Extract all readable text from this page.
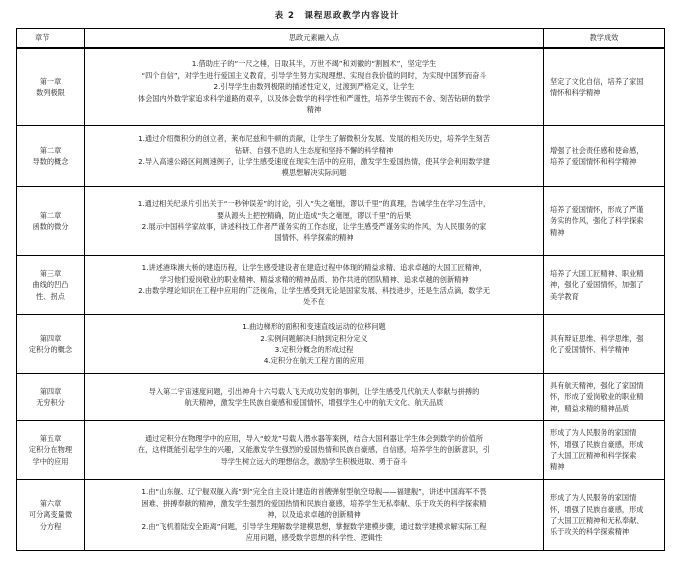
表 2　课程思政教学内容设计
章节	思政元素融入点	教学成效

第一章
数列极限	1.借助庄子的“一尺之棰，日取其半，万世不竭”和刘徽的“割圆术”，坚定学生
“四个自信”，对学生进行爱国主义教育，引导学生努力实现理想、实现自我价值的同时，为实现中国梦而奋斗
2.引导学生由数列极限的描述性定义，过渡到严格定义，让学生
体会国内外数学家追求科学道路的艰辛，以及体会数学的科学性和严谨性，培养学生锲而不舍、刻苦钻研的数学
精神	坚定了文化自信，培养了家国
情怀和科学精神

第二章
导数的概念	1.通过介绍微积分的创立者，莱布尼兹和牛顿的贡献，让学生了解微积分发展、发展的相关历史，培养学生刻苦
钻研、自强不息的人生态度和坚持不懈的科学精神
2.导入高速公路区间测速例子，让学生感受速度在现实生活中的应用，激发学生爱国热情，使其学会利用数学建
模思想解决实际问题	增强了社会责任感和使命感，
培养了爱国情怀和科学精神

第二章
函数的微分	1.通过相关纪录片引出关于“一秒钟误差”的讨论，引入“失之毫厘，谬以千里”的真理，告诫学生在学习生活中，
要从源头上把控精确，防止造成“失之毫厘，谬以千里”的后果
2.展示中国科学家故事，讲述科技工作者严谨务实的工作态度，让学生感受严谨务实的作风，为人民服务的家
国情怀、科学探索的精神	培养了爱国情怀，形成了严谨
务实的作风，强化了科学探索
精神

第三章
曲线的凹凸
性、拐点	1.讲述港珠澳大桥的建造历程，让学生感受建设者在建造过程中体现的精益求精、追求卓越的大国工匠精神，
学习他们爱岗敬业的职业精神、精益求精的精神品质、协作共进的团队精神、追求卓越的创新精神
2.由数学理论知识在工程中应用的广泛视角，让学生感受到无论是国家发展、科技进步，还是生活点滴，数学无
处不在	培养了大国工匠精神、职业精
神，强化了爱国情怀，加强了
美学教育

第四章
定积分的概念	1.曲边梯形的面积和变速直线运动的位移问题
2.实例问题解决归纳到定积分定义
3.定积分概念的形成过程
4.定积分在航天工程方面的应用	具有辩证思维、科学思维，强
化了爱国情怀、科学精神

第四章
无穷积分	导入第二宇宙速度问题，引出神舟十六号载人飞天成功发射的事例，让学生感受几代航天人奉献与拼搏的
航天精神，激发学生民族自豪感和爱国情怀，增强学生心中的航天文化、航天品质	具有航天精神，强化了家国情
怀，形成了爱岗敬业的职业精
神，精益求精的精神品质

第五章
定积分在物理
学中的应用	通过定积分在物理学中的应用，导入“蛟龙”号载人潜水器等案例，结合大国利器让学生体会到数学的价值所
在，这样既能引起学生的兴趣，又能激发学生强烈的爱国热情和民族自豪感，自信感，培养学生的创新意识，引
导学生树立远大的理想信念，激励学生积极进取、勇于奋斗	形成了为人民服务的家国情
怀，增强了民族自豪感，形成
了大国工匠精神和科学探索
精神

第六章
可分离变量微
分方程	1.由“山东舰、辽宁舰双舰入海”到“完全自主设计建造的首艘弹射型航空母舰——福建舰”，讲述中国海军不畏
困难、拼搏奉献的精神，激发学生强烈的爱国热情和民族自豪感，培养学生无私奉献、乐于攻关的科学探索精
神，以及追求卓越的创新精神
2.由“飞机着陆安全距离”问题，引导学生理解数学建模思想，掌握数学建模步骤，通过数学建模求解实际工程
应用问题，感受数学思想的科学性、逻辑性	形成了为人民服务的家国情
怀，增强了民族自豪感，形成
了大国工匠精神和无私奉献、
乐于攻关的科学探索精神
